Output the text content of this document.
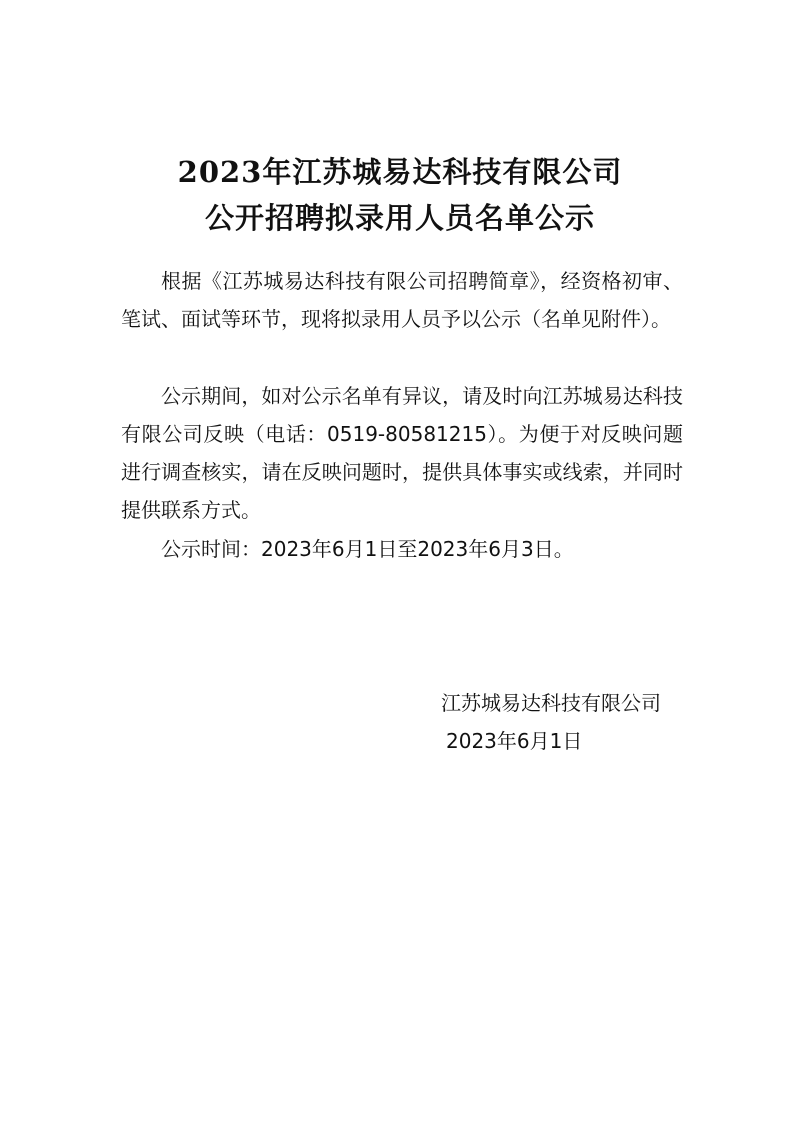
2023年江苏城易达科技有限公司
公开招聘拟录用人员名单公示

根据《江苏城易达科技有限公司招聘简章》，经资格初审、笔试、面试等环节，现将拟录用人员予以公示（名单见附件）。

公示期间，如对公示名单有异议，请及时向江苏城易达科技有限公司反映（电话：0519-80581215）。为便于对反映问题进行调查核实，请在反映问题时，提供具体事实或线索，并同时提供联系方式。

公示时间：2023年6月1日至2023年6月3日。

江苏城易达科技有限公司
2023年6月1日
